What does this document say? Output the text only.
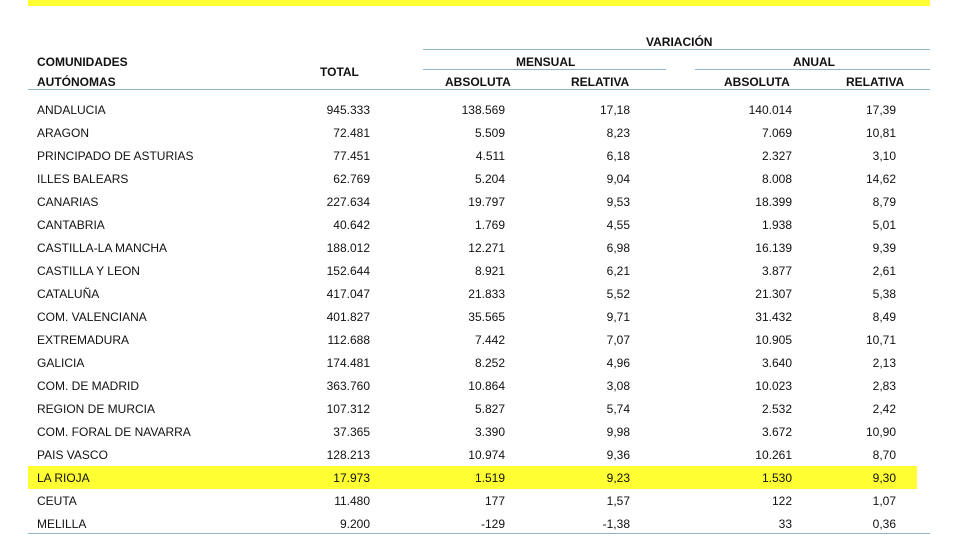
VARIACIÓN
COMUNIDADES
AUTÓNOMAS
TOTAL
MENSUAL	ANUAL
ABSOLUTA	RELATIVA	ABSOLUTA	RELATIVA
ANDALUCIA	945.333	138.569	17,18	140.014	17,39
ARAGON	72.481	5.509	8,23	7.069	10,81
PRINCIPADO DE ASTURIAS	77.451	4.511	6,18	2.327	3,10
ILLES BALEARS	62.769	5.204	9,04	8.008	14,62
CANARIAS	227.634	19.797	9,53	18.399	8,79
CANTABRIA	40.642	1.769	4,55	1.938	5,01
CASTILLA-LA MANCHA	188.012	12.271	6,98	16.139	9,39
CASTILLA Y LEON	152.644	8.921	6,21	3.877	2,61
CATALUÑA	417.047	21.833	5,52	21.307	5,38
COM. VALENCIANA	401.827	35.565	9,71	31.432	8,49
EXTREMADURA	112.688	7.442	7,07	10.905	10,71
GALICIA	174.481	8.252	4,96	3.640	2,13
COM. DE MADRID	363.760	10.864	3,08	10.023	2,83
REGION DE MURCIA	107.312	5.827	5,74	2.532	2,42
COM. FORAL DE NAVARRA	37.365	3.390	9,98	3.672	10,90
PAIS VASCO	128.213	10.974	9,36	10.261	8,70
LA RIOJA	17.973	1.519	9,23	1.530	9,30
CEUTA	11.480	177	1,57	122	1,07
MELILLA	9.200	-129	-1,38	33	0,36
